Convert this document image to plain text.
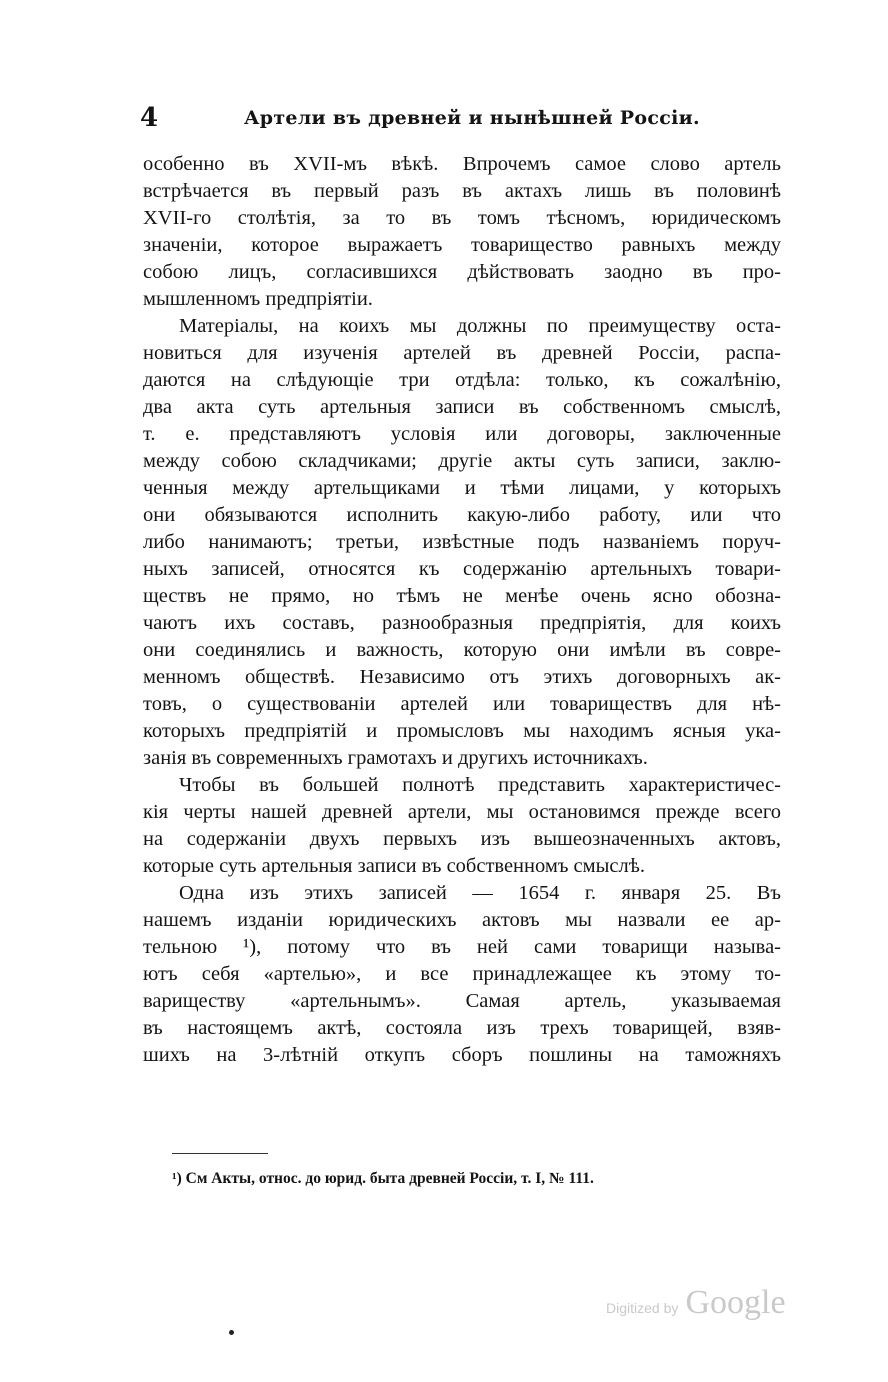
4	Артели въ древней и нынѣшней Россіи.
особенно въ XVII-мъ вѣкѣ. Впрочемъ самое слово артель
встрѣчается въ первый разъ въ актахъ лишь въ половинѣ
XVII-го столѣтія, за то въ томъ тѣсномъ, юридическомъ
значеніи, которое выражаетъ товарищество равныхъ между
собою лицъ, согласившихся дѣйствовать заодно въ про-
мышленномъ предпріятіи.
Матеріалы, на коихъ мы должны по преимуществу оста-
новиться для изученія артелей въ древней Россіи, распа-
даются на слѣдующіе три отдѣла: только, къ сожалѣнію,
два акта суть артельныя записи въ собственномъ смыслѣ,
т. е. представляютъ условія или договоры, заключенные
между собою складчиками; другіе акты суть записи, заклю-
ченныя между артельщиками и тѣми лицами, у которыхъ
они обязываются исполнить какую-либо работу, или что
либо нанимаютъ; третьи, извѣстные подъ названіемъ поруч-
ныхъ записей, относятся къ содержанію артельныхъ товари-
ществъ не прямо, но тѣмъ не менѣе очень ясно обозна-
чаютъ ихъ составъ, разнообразныя предпріятія, для коихъ
они соединялись и важность, которую они имѣли въ совре-
менномъ обществѣ. Независимо отъ этихъ договорныхъ ак-
товъ, о существованіи артелей или товариществъ для нѣ-
которыхъ предпріятій и промысловъ мы находимъ ясныя ука-
занія въ современныхъ грамотахъ и другихъ источникахъ.
Чтобы въ большей полнотѣ представить характеристичес-
кія черты нашей древней артели, мы остановимся прежде всего
на содержаніи двухъ первыхъ изъ вышеозначенныхъ актовъ,
которые суть артельныя записи въ собственномъ смыслѣ.
Одна изъ этихъ записей — 1654 г. января 25. Въ
нашемъ изданіи юридическихъ актовъ мы назвали ее ар-
тельною ¹), потому что въ ней сами товарищи называ-
ютъ себя «артелью», и все принадлежащее къ этому то-
вариществу «артельнымъ». Самая артель, указываемая
въ настоящемъ актѣ, состояла изъ трехъ товарищей, взяв-
шихъ на 3-лѣтній откупъ сборъ пошлины на таможняхъ
¹) См Акты, относ. до юрид. быта древней Россіи, т. I, № 111.
Digitized by Google
